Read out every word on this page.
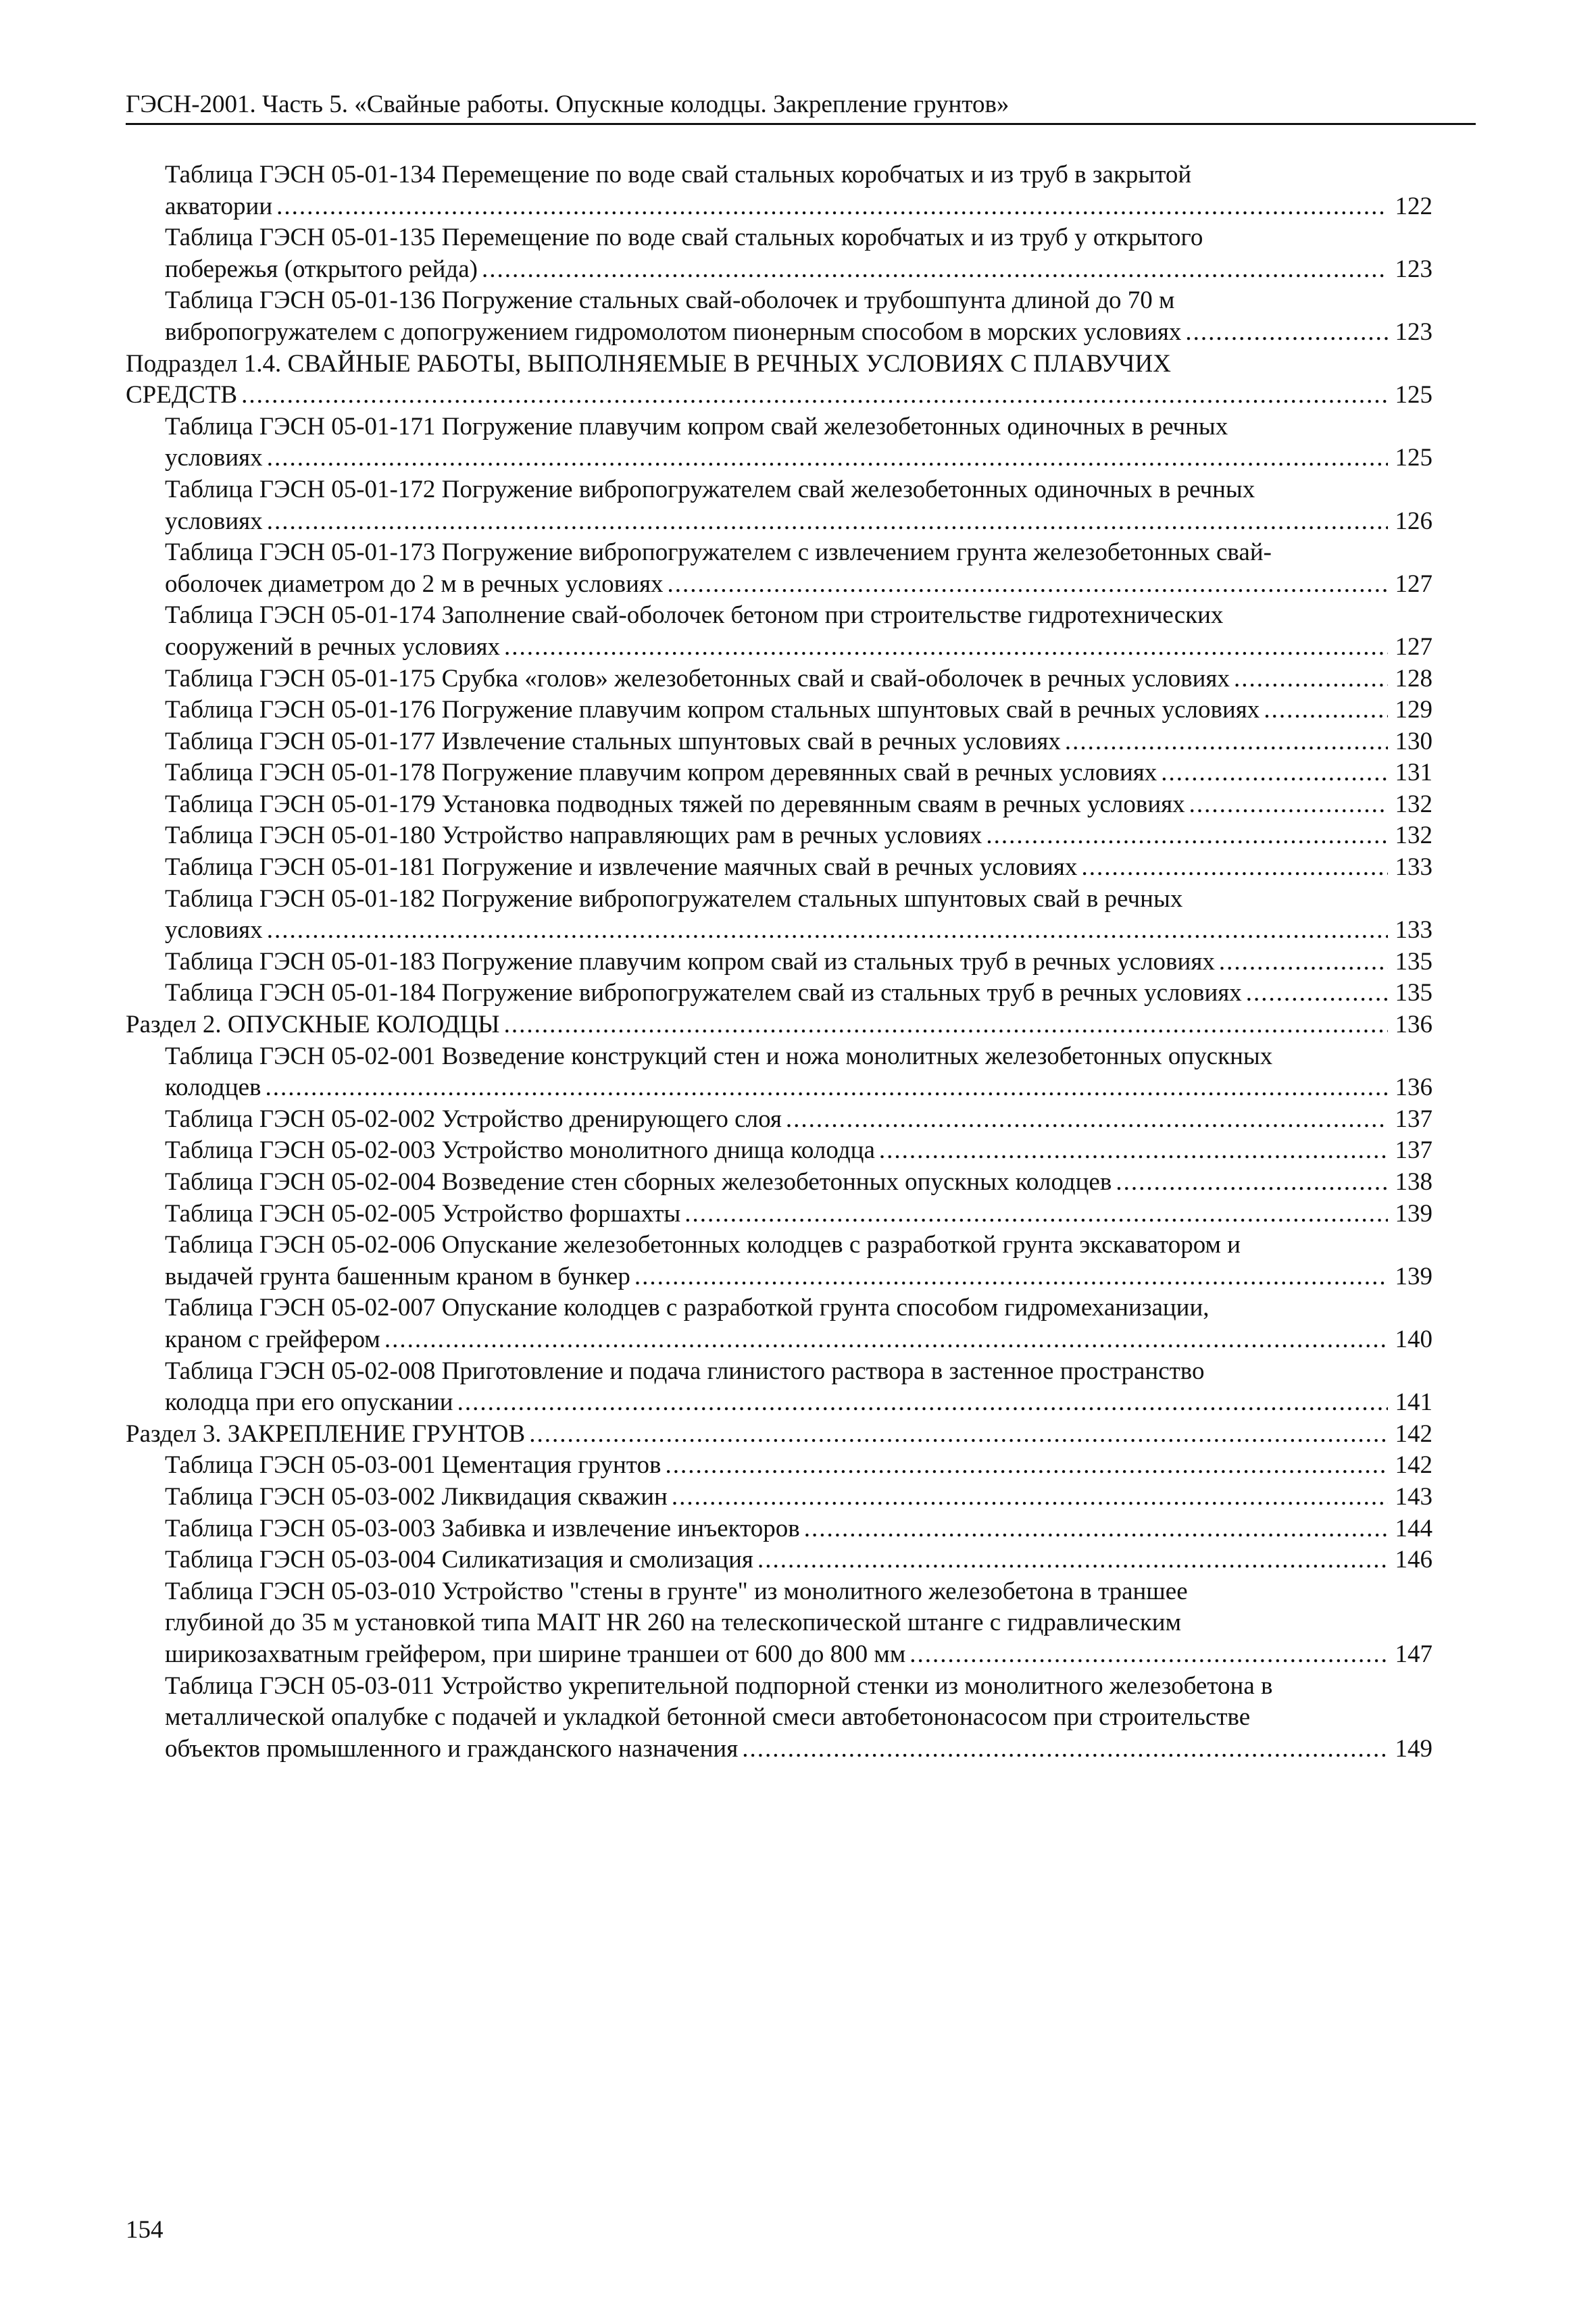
ГЭСН-2001. Часть 5. «Свайные работы. Опускные колодцы. Закрепление грунтов»
Таблица ГЭСН 05-01-134 Перемещение по воде свай стальных коробчатых и из труб в закрытой
акватории .....	122
Таблица ГЭСН 05-01-135 Перемещение по воде свай стальных коробчатых и из труб у открытого
побережья (открытого рейда) .....	123
Таблица ГЭСН 05-01-136 Погружение стальных свай-оболочек и трубошпунта длиной до 70 м
вибропогружателем с допогружением гидромолотом пионерным способом в морских условиях .....	123
Подраздел 1.4. СВАЙНЫЕ РАБОТЫ, ВЫПОЛНЯЕМЫЕ В РЕЧНЫХ УСЛОВИЯХ С ПЛАВУЧИХ
СРЕДСТВ .....	125
Таблица ГЭСН 05-01-171 Погружение плавучим копром свай железобетонных одиночных в речных
условиях .....	125
Таблица ГЭСН 05-01-172 Погружение вибропогружателем свай железобетонных одиночных в речных
условиях .....	126
Таблица ГЭСН 05-01-173 Погружение вибропогружателем с извлечением грунта железобетонных свай-
оболочек диаметром до 2 м в речных условиях .....	127
Таблица ГЭСН 05-01-174 Заполнение свай-оболочек бетоном при строительстве гидротехнических
сооружений в речных условиях .....	127
Таблица ГЭСН 05-01-175 Срубка «голов» железобетонных свай и свай-оболочек в речных условиях .....	128
Таблица ГЭСН 05-01-176 Погружение плавучим копром стальных шпунтовых свай в речных условиях .....	129
Таблица ГЭСН 05-01-177 Извлечение стальных шпунтовых свай в речных условиях .....	130
Таблица ГЭСН 05-01-178 Погружение плавучим копром деревянных свай в речных условиях .....	131
Таблица ГЭСН 05-01-179 Установка подводных тяжей по деревянным сваям в речных условиях .....	132
Таблица ГЭСН 05-01-180 Устройство направляющих рам в речных условиях .....	132
Таблица ГЭСН 05-01-181 Погружение и извлечение маячных свай в речных условиях .....	133
Таблица ГЭСН 05-01-182 Погружение вибропогружателем стальных шпунтовых свай в речных
условиях .....	133
Таблица ГЭСН 05-01-183 Погружение плавучим копром свай из стальных труб в речных условиях .....	135
Таблица ГЭСН 05-01-184 Погружение вибропогружателем свай из стальных труб в речных условиях .....	135
Раздел 2. ОПУСКНЫЕ КОЛОДЦЫ .....	136
Таблица ГЭСН 05-02-001 Возведение конструкций стен и ножа монолитных железобетонных опускных
колодцев .....	136
Таблица ГЭСН 05-02-002 Устройство дренирующего слоя .....	137
Таблица ГЭСН 05-02-003 Устройство монолитного днища колодца .....	137
Таблица ГЭСН 05-02-004 Возведение стен сборных железобетонных опускных колодцев .....	138
Таблица ГЭСН 05-02-005 Устройство форшахты .....	139
Таблица ГЭСН 05-02-006 Опускание железобетонных колодцев с разработкой грунта экскаватором и
выдачей грунта башенным краном в бункер .....	139
Таблица ГЭСН 05-02-007 Опускание колодцев с разработкой грунта способом гидромеханизации,
краном с грейфером .....	140
Таблица ГЭСН 05-02-008 Приготовление и подача глинистого раствора в застенное пространство
колодца при его опускании .....	141
Раздел 3. ЗАКРЕПЛЕНИЕ ГРУНТОВ .....	142
Таблица ГЭСН 05-03-001 Цементация грунтов .....	142
Таблица ГЭСН 05-03-002 Ликвидация скважин .....	143
Таблица ГЭСН 05-03-003 Забивка и извлечение инъекторов .....	144
Таблица ГЭСН 05-03-004 Силикатизация и смолизация .....	146
Таблица ГЭСН 05-03-010 Устройство "стены в грунте" из монолитного железобетона в траншее
глубиной до 35 м установкой типа MAIT HR 260 на телескопической штанге с гидравлическим
ширикозахватным грейфером, при ширине траншеи от 600 до 800 мм .....	147
Таблица ГЭСН 05-03-011 Устройство укрепительной подпорной стенки из монолитного железобетона в
металлической опалубке с подачей и укладкой бетонной смеси автобетононасосом при строительстве
объектов промышленного и гражданского назначения .....	149
154
